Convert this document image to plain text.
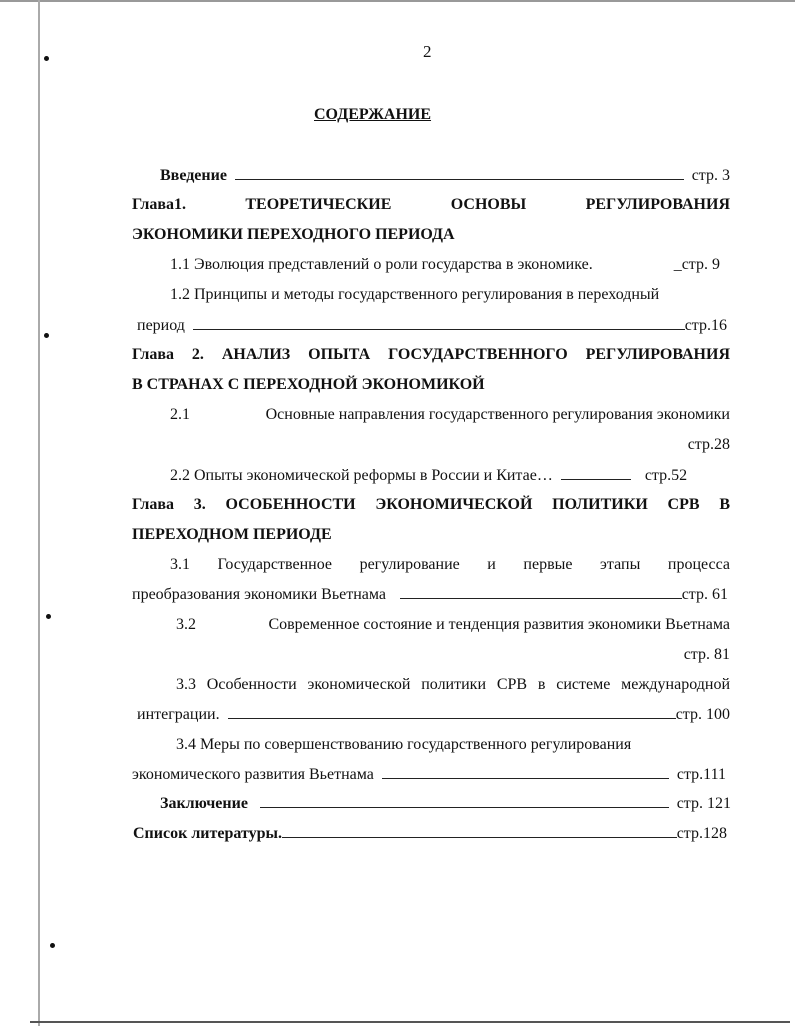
2
СОДЕРЖАНИЕ
Введение	стр. 3
Глава1. ТЕОРЕТИЧЕСКИЕ ОСНОВЫ РЕГУЛИРОВАНИЯ
ЭКОНОМИКИ ПЕРЕХОДНОГО ПЕРИОДА
1.1 Эволюция представлений о роли государства в экономике.	_стр. 9
1.2 Принципы и методы государственного регулирования в переходный
период	стр.16
Глава 2. АНАЛИЗ ОПЫТА ГОСУДАРСТВЕННОГО РЕГУЛИРОВАНИЯ
В СТРАНАХ С ПЕРЕХОДНОЙ ЭКОНОМИКОЙ
2.1	Основные направления государственного регулирования экономики
стр.28
2.2 Опыты экономической реформы в России и Китае…	стр.52
Глава 3. ОСОБЕННОСТИ ЭКОНОМИЧЕСКОЙ ПОЛИТИКИ СРВ В
ПЕРЕХОДНОМ ПЕРИОДЕ
3.1 Государственное регулирование и первые этапы процесса
преобразования экономики Вьетнама	стр. 61
3.2	Современное состояние и тенденция развития экономики Вьетнама
стр. 81
3.3 Особенности экономической политики СРВ в системе международной
интеграции.	стр. 100
3.4 Меры по совершенствованию государственного регулирования
экономического развития Вьетнама	стр.111
Заключение	стр. 121
Список литературы.	стр.128
